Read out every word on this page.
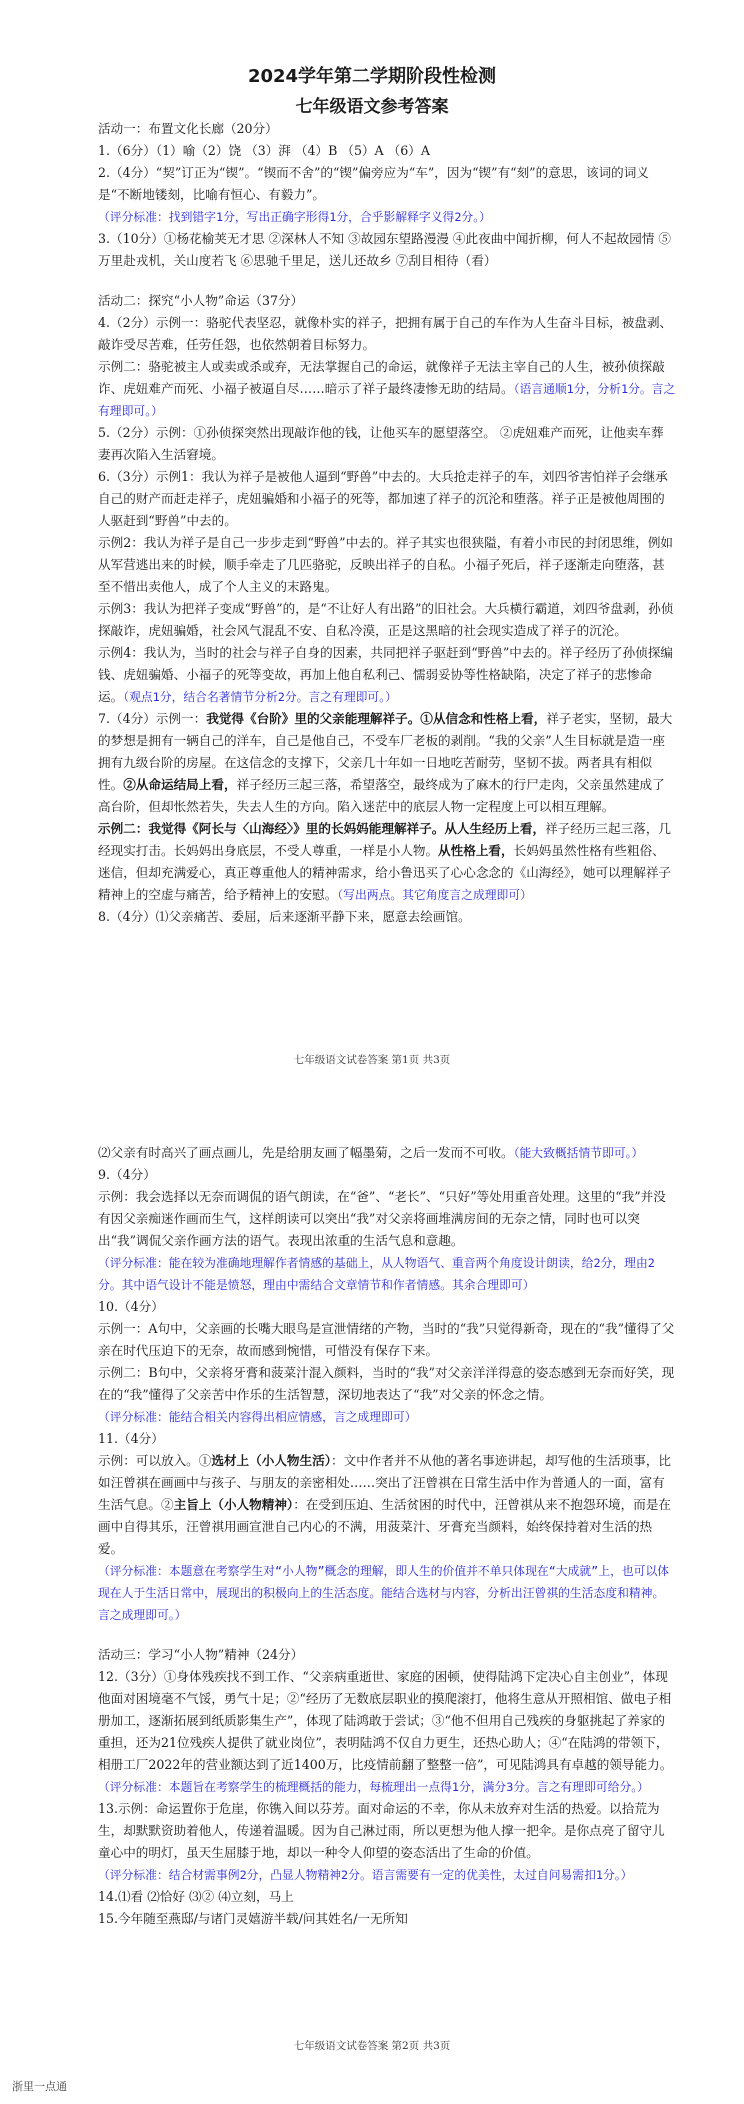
2024学年第二学期阶段性检测
七年级语文参考答案

活动一：布置文化长廊（20分）

1.（6分）（1）喻（2）饶 （3）湃 （4）B （5）A （6）A

2.（4分）“契”订正为“锲”。“锲而不舍”的“锲”偏旁应为“车”，因为“锲”有“刻”的意思，该词的词义是“不断地镂刻，比喻有恒心、有毅力”。

（评分标准：找到错字1分，写出正确字形得1分，合乎影解释字义得2分。）

3.（10分）①杨花榆荚无才思 ②深林人不知 ③故园东望路漫漫 ④此夜曲中闻折柳，何人不起故园情 ⑤万里赴戎机，关山度若飞 ⑥思驰千里足，送儿还故乡 ⑦刮目相待（看）

活动二：探究“小人物”命运（37分）

4.（2分）示例一：骆驼代表坚忍，就像朴实的祥子，把拥有属于自己的车作为人生奋斗目标，被盘剥、敲诈受尽苦难，任劳任怨，也依然朝着目标努力。

示例二：骆驼被主人或卖或杀或弃，无法掌握自己的命运，就像祥子无法主宰自己的人生，被孙侦探敲诈、虎妞难产而死、小福子被逼自尽……暗示了祥子最终凄惨无助的结局。（语言通顺1分，分析1分。言之有理即可。）

5.（2分）示例：①孙侦探突然出现敲诈他的钱，让他买车的愿望落空。 ②虎妞难产而死，让他卖车葬妻再次陷入生活窘境。

6.（3分）示例1：我认为祥子是被他人逼到“野兽”中去的。大兵抢走祥子的车，刘四爷害怕祥子会继承自己的财产而赶走祥子，虎妞骗婚和小福子的死等，都加速了祥子的沉沦和堕落。祥子正是被他周围的人驱赶到“野兽”中去的。

示例2：我认为祥子是自己一步步走到“野兽”中去的。祥子其实也很狭隘，有着小市民的封闭思维，例如从军营逃出来的时候，顺手牵走了几匹骆驼，反映出祥子的自私。小福子死后，祥子逐渐走向堕落，甚至不惜出卖他人，成了个人主义的末路鬼。

示例3：我认为把祥子变成“野兽”的，是“不让好人有出路”的旧社会。大兵横行霸道，刘四爷盘剥，孙侦探敲诈，虎妞骗婚，社会风气混乱不安、自私冷漠，正是这黑暗的社会现实造成了祥子的沉沦。

示例4：我认为，当时的社会与祥子自身的因素，共同把祥子驱赶到“野兽”中去的。祥子经历了孙侦探编钱、虎妞骗婚、小福子的死等变故，再加上他自私利己、懦弱妥协等性格缺陷，决定了祥子的悲惨命运。（观点1分，结合名著情节分析2分。言之有理即可。）

7.（4分）示例一：我觉得《台阶》里的父亲能理解祥子。①从信念和性格上看，祥子老实，坚韧，最大的梦想是拥有一辆自己的洋车，自己是他自己，不受车厂老板的剥削。“我的父亲”人生目标就是造一座拥有九级台阶的房屋。在这信念的支撑下，父亲几十年如一日地吃苦耐劳，坚韧不拔。两者具有相似性。②从命运结局上看，祥子经历三起三落，希望落空，最终成为了麻木的行尸走肉，父亲虽然建成了高台阶，但却怅然若失，失去人生的方向。陷入迷茫中的底层人物一定程度上可以相互理解。

示例二：我觉得《阿长与〈山海经〉》里的长妈妈能理解祥子。从人生经历上看，祥子经历三起三落，几经现实打击。长妈妈出身底层，不受人尊重，一样是小人物。从性格上看，长妈妈虽然性格有些粗俗、迷信，但却充满爱心，真正尊重他人的精神需求，给小鲁迅买了心心念念的《山海经》，她可以理解祥子精神上的空虚与痛苦，给予精神上的安慰。（写出两点。其它角度言之成理即可）

8.（4分）⑴父亲痛苦、委屈，后来逐渐平静下来，愿意去绘画馆。

七年级语文试卷答案 第1页 共3页

⑵父亲有时高兴了画点画儿，先是给朋友画了幅墨菊，之后一发而不可收。（能大致概括情节即可。）

9.（4分）

示例：我会选择以无奈而调侃的语气朗读，在“爸”、“老长”、“只好”等处用重音处理。这里的“我”并没有因父亲痴迷作画而生气，这样朗读可以突出“我”对父亲将画堆满房间的无奈之情，同时也可以突出“我”调侃父亲作画方法的语气。表现出浓重的生活气息和意趣。

（评分标准：能在较为准确地理解作者情感的基础上，从人物语气、重音两个角度设计朗读，给2分，理由2分。其中语气设计不能是愤怒，理由中需结合文章情节和作者情感。其余合理即可）

10.（4分）

示例一：A句中，父亲画的长嘴大眼鸟是宣泄情绪的产物，当时的“我”只觉得新奇，现在的“我”懂得了父亲在时代压迫下的无奈，故而感到惋惜，可惜没有保存下来。

示例二：B句中，父亲将牙膏和菠菜汁混入颜料，当时的“我”对父亲洋洋得意的姿态感到无奈而好笑，现在的“我”懂得了父亲苦中作乐的生活智慧，深切地表达了“我”对父亲的怀念之情。

（评分标准：能结合相关内容得出相应情感，言之成理即可）

11.（4分）

示例：可以放入。①选材上（小人物生活）：文中作者并不从他的著名事迹讲起，却写他的生活琐事，比如汪曾祺在画画中与孩子、与朋友的亲密相处……突出了汪曾祺在日常生活中作为普通人的一面，富有生活气息。②主旨上（小人物精神）：在受到压迫、生活贫困的时代中，汪曾祺从来不抱怨环境，而是在画中自得其乐，汪曾祺用画宣泄自己内心的不满，用菠菜汁、牙膏充当颜料，始终保持着对生活的热爱。

（评分标准：本题意在考察学生对“小人物”概念的理解，即人生的价值并不单只体现在“大成就”上，也可以体现在人于生活日常中，展现出的积极向上的生活态度。能结合选材与内容，分析出汪曾祺的生活态度和精神。言之成理即可。）

活动三：学习“小人物”精神（24分）

12.（3分）①身体残疾找不到工作、“父亲病重逝世、家庭的困顿，使得陆鸿下定决心自主创业”，体现他面对困境毫不气馁，勇气十足；②“经历了无数底层职业的摸爬滚打，他将生意从开照相馆、做电子相册加工，逐渐拓展到纸质影集生产”，体现了陆鸿敢于尝试；③“他不但用自己残疾的身躯挑起了养家的重担，还为21位残疾人提供了就业岗位”，表明陆鸿不仅自力更生，还热心助人；④“在陆鸿的带领下，相册工厂2022年的营业额达到了近1400万，比疫情前翻了整整一倍”，可见陆鸿具有卓越的领导能力。

（评分标准：本题旨在考察学生的梳理概括的能力，每梳理出一点得1分，满分3分。言之有理即可给分。）

13.示例：命运置你于危崖，你镌入间以芬芳。面对命运的不幸，你从未放弃对生活的热爱。以拾荒为生，却默默资助着他人，传递着温暖。因为自己淋过雨，所以更想为他人撑一把伞。是你点亮了留守儿童心中的明灯，虽天生屈膝于地，却以一种令人仰望的姿态活出了生命的价值。

（评分标准：结合材需事例2分，凸显人物精神2分。语言需要有一定的优美性，太过自问易需扣1分。）

14.⑴看 ⑵恰好 ⑶② ⑷立刻，马上

15.今年随至燕邸/与诸门灵嬉游半载/问其姓名/一无所知

七年级语文试卷答案 第2页 共3页
浙里一点通
